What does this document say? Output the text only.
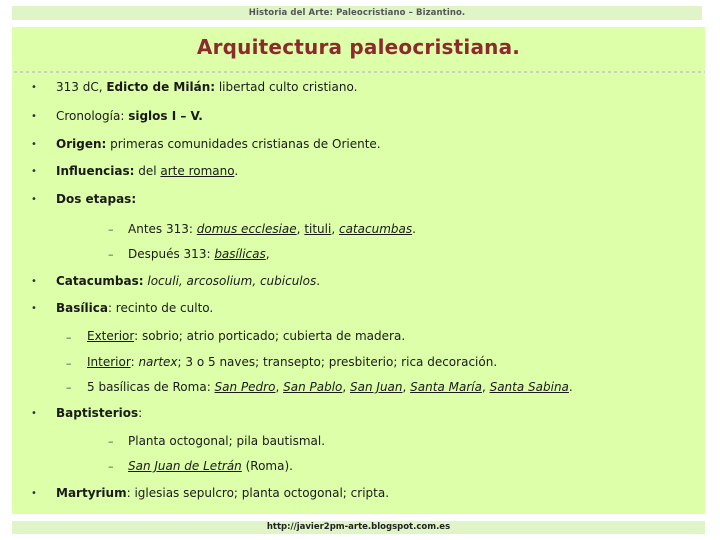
Historia del Arte: Paleocristiano – Bizantino.
Arquitectura paleocristiana.
• 313 dC, Edicto de Milán: libertad culto cristiano.
• Cronología: siglos I – V.
• Origen: primeras comunidades cristianas de Oriente.
• Influencias: del arte romano.
• Dos etapas:
– Antes 313: domus ecclesiae, tituli, catacumbas.
– Después 313: basílicas,
• Catacumbas: loculi, arcosolium, cubiculos.
• Basílica: recinto de culto.
– Exterior: sobrio; atrio porticado; cubierta de madera.
– Interior: nartex; 3 o 5 naves; transepto; presbiterio; rica decoración.
– 5 basílicas de Roma: San Pedro, San Pablo, San Juan, Santa María, Santa Sabina.
• Baptisterios:
– Planta octogonal; pila bautismal.
– San Juan de Letrán (Roma).
• Martyrium: iglesias sepulcro; planta octogonal; cripta.
http://javier2pm-arte.blogspot.com.es
